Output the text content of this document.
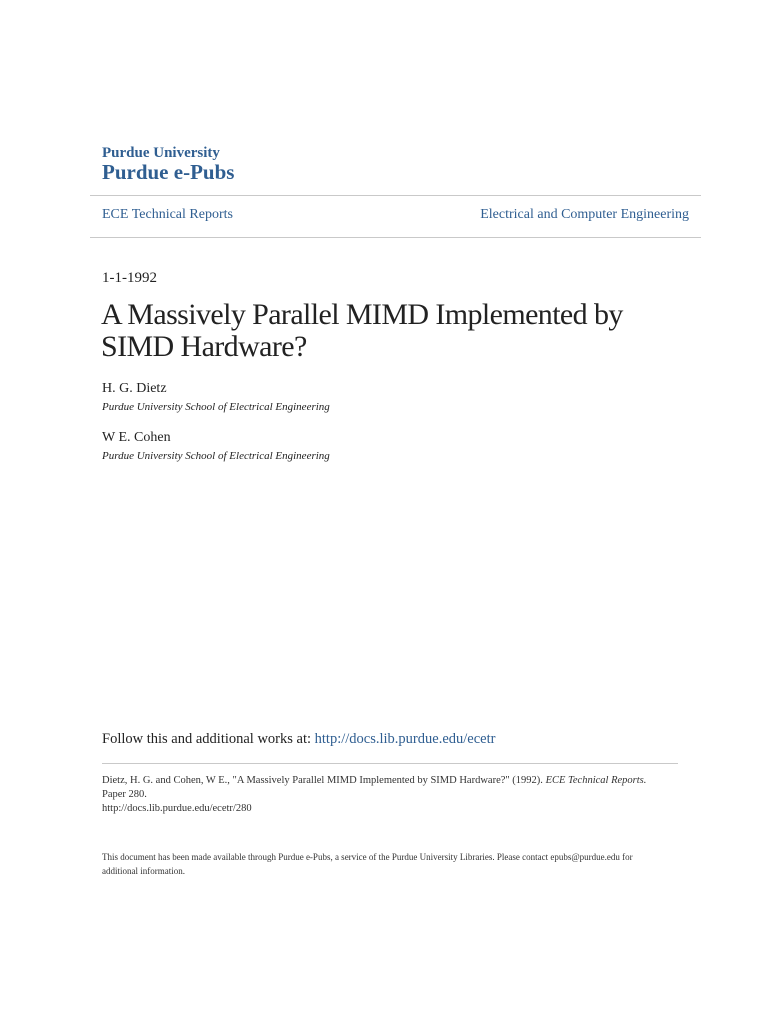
Purdue University
Purdue e-Pubs
ECE Technical Reports	Electrical and Computer Engineering
1-1-1992
A Massively Parallel MIMD Implemented by SIMD Hardware?
H. G. Dietz
Purdue University School of Electrical Engineering
W E. Cohen
Purdue University School of Electrical Engineering
Follow this and additional works at: http://docs.lib.purdue.edu/ecetr
Dietz, H. G. and Cohen, W E., "A Massively Parallel MIMD Implemented by SIMD Hardware?" (1992). ECE Technical Reports. Paper 280.
http://docs.lib.purdue.edu/ecetr/280
This document has been made available through Purdue e-Pubs, a service of the Purdue University Libraries. Please contact epubs@purdue.edu for additional information.
